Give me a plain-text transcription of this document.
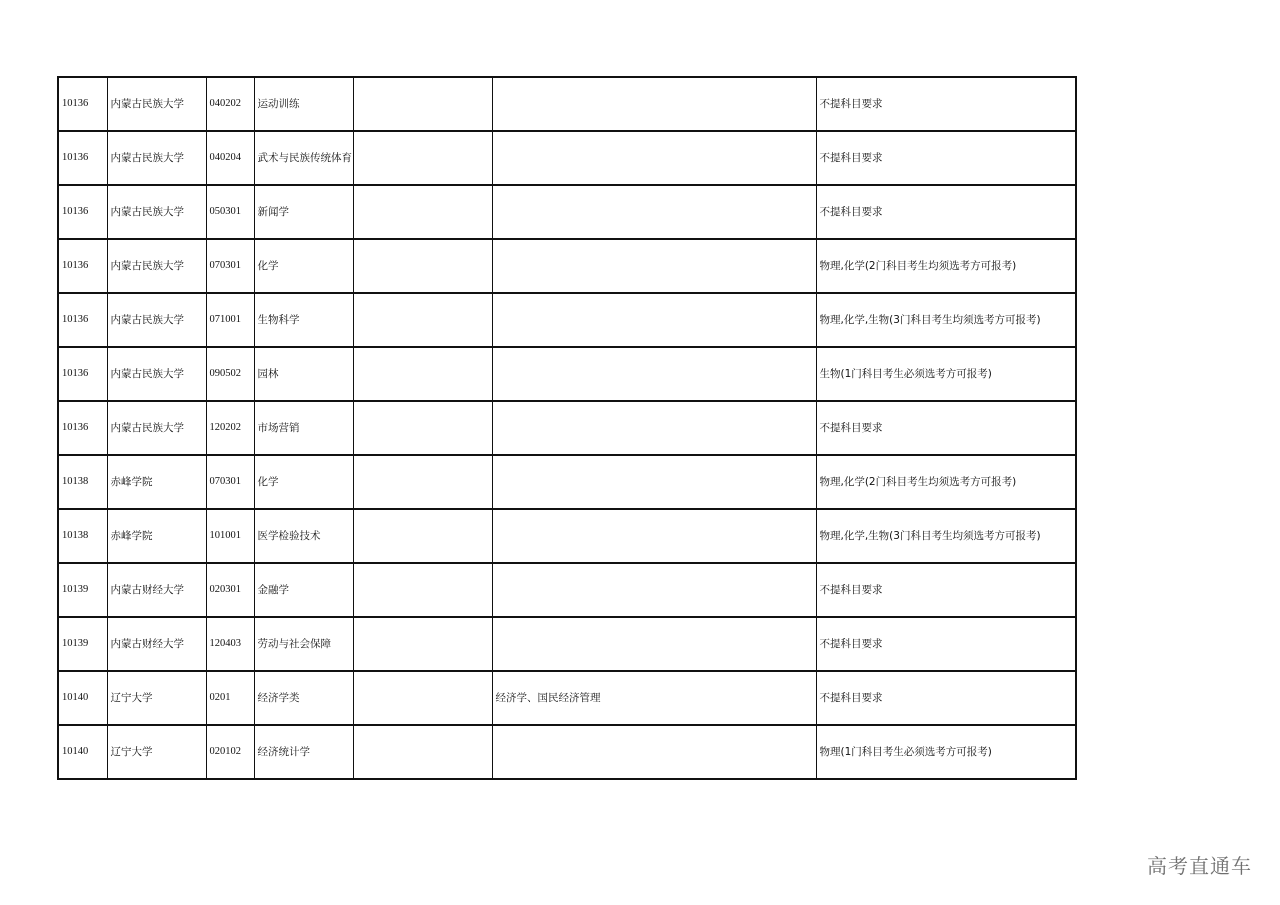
10136	内蒙古民族大学	040202	运动训练			不提科目要求
10136	内蒙古民族大学	040204	武术与民族传统体育			不提科目要求
10136	内蒙古民族大学	050301	新闻学			不提科目要求
10136	内蒙古民族大学	070301	化学			物理,化学(2门科目考生均须选考方可报考)
10136	内蒙古民族大学	071001	生物科学			物理,化学,生物(3门科目考生均须选考方可报考)
10136	内蒙古民族大学	090502	园林			生物(1门科目考生必须选考方可报考)
10136	内蒙古民族大学	120202	市场营销			不提科目要求
10138	赤峰学院	070301	化学			物理,化学(2门科目考生均须选考方可报考)
10138	赤峰学院	101001	医学检验技术			物理,化学,生物(3门科目考生均须选考方可报考)
10139	内蒙古财经大学	020301	金融学			不提科目要求
10139	内蒙古财经大学	120403	劳动与社会保障			不提科目要求
10140	辽宁大学	0201	经济学类		经济学、国民经济管理	不提科目要求
10140	辽宁大学	020102	经济统计学			物理(1门科目考生必须选考方可报考)
高考直通车
